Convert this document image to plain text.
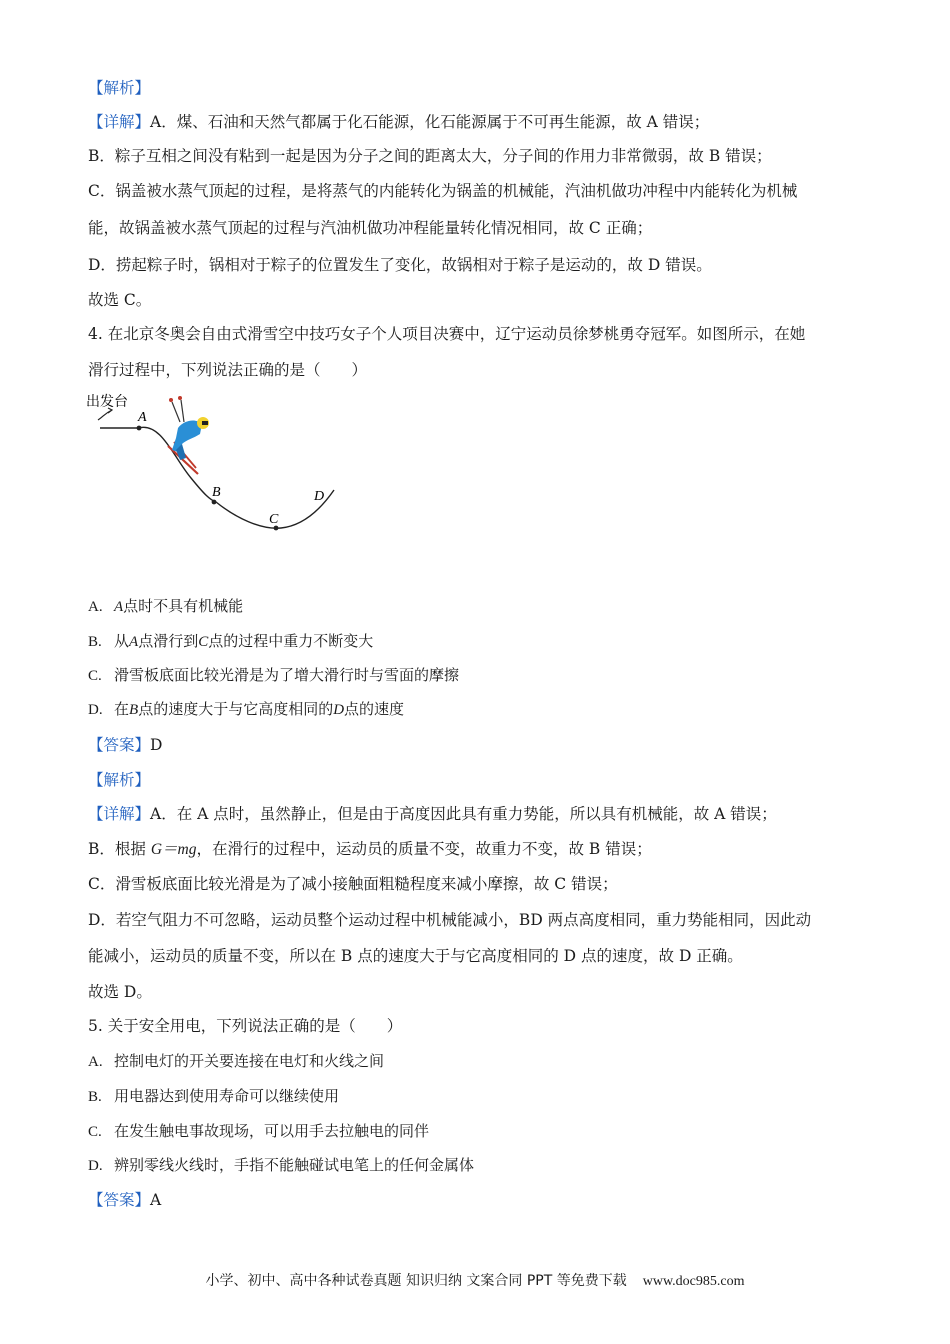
【解析】
【详解】A．煤、石油和天然气都属于化石能源，化石能源属于不可再生能源，故 A 错误；
B．粽子互相之间没有粘到一起是因为分子之间的距离太大，分子间的作用力非常微弱，故 B 错误；
C．锅盖被水蒸气顶起的过程，是将蒸气的内能转化为锅盖的机械能，汽油机做功冲程中内能转化为机械
能，故锅盖被水蒸气顶起的过程与汽油机做功冲程能量转化情况相同，故 C 正确；
D．捞起粽子时，锅相对于粽子的位置发生了变化，故锅相对于粽子是运动的，故 D 错误。
故选 C。
4. 在北京冬奥会自由式滑雪空中技巧女子个人项目决赛中，辽宁运动员徐梦桃勇夺冠军。如图所示，在她
滑行过程中，下列说法正确的是（　　）
出发台
A
B
C
D
A. A点时不具有机械能
B. 从A点滑行到C点的过程中重力不断变大
C. 滑雪板底面比较光滑是为了增大滑行时与雪面的摩擦
D. 在B点的速度大于与它高度相同的D点的速度
【答案】D
【解析】
【详解】A．在 A 点时，虽然静止，但是由于高度因此具有重力势能，所以具有机械能，故 A 错误；
B．根据 G＝mg，在滑行的过程中，运动员的质量不变，故重力不变，故 B 错误；
C．滑雪板底面比较光滑是为了减小接触面粗糙程度来减小摩擦，故 C 错误；
D．若空气阻力不可忽略，运动员整个运动过程中机械能减小，BD 两点高度相同，重力势能相同，因此动
能减小，运动员的质量不变，所以在 B 点的速度大于与它高度相同的 D 点的速度，故 D 正确。
故选 D。
5. 关于安全用电，下列说法正确的是（　　）
A. 控制电灯的开关要连接在电灯和火线之间
B. 用电器达到使用寿命可以继续使用
C. 在发生触电事故现场，可以用手去拉触电的同伴
D. 辨别零线火线时，手指不能触碰试电笔上的任何金属体
【答案】A
小学、初中、高中各种试卷真题 知识归纳 文案合同 PPT 等免费下载 www.doc985.com
